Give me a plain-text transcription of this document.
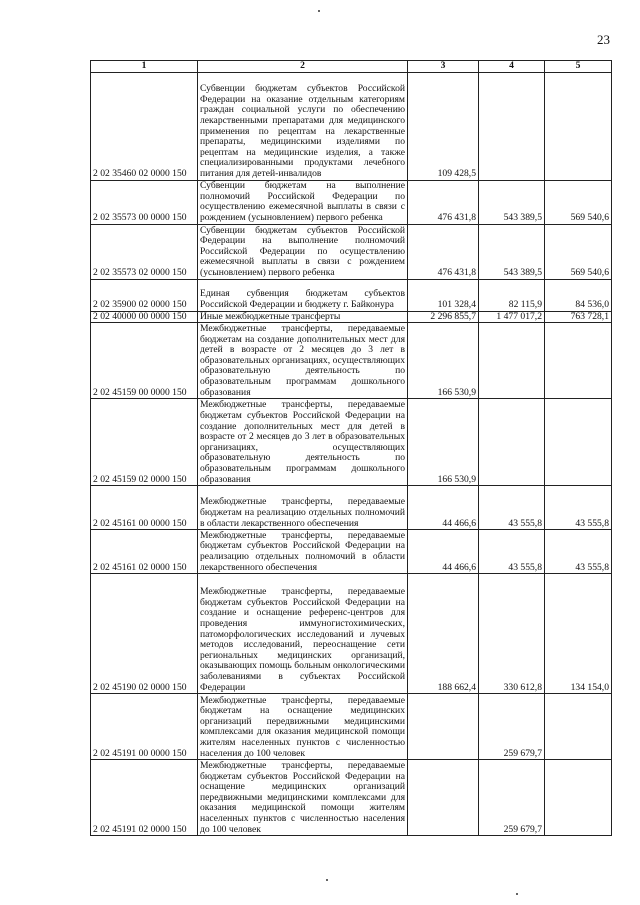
23
1	2	3	4	5
2 02 35460 02 0000 150	Субвенции бюджетам субъектов Российской Федерации на оказание отдельным категориям граждан социальной услуги по обеспечению лекарственными препаратами для медицинского применения по рецептам на лекарственные препараты, медицинскими изделиями по рецептам на медицинские изделия, а также специализированными продуктами лечебного питания для детей-инвалидов	109 428,5		
2 02 35573 00 0000 150	Субвенции бюджетам на выполнение полномочий Российской Федерации по осуществлению ежемесячной выплаты в связи с рождением (усыновлением) первого ребенка	476 431,8	543 389,5	569 540,6
2 02 35573 02 0000 150	Субвенции бюджетам субъектов Российской Федерации на выполнение полномочий Российской Федерации по осуществлению ежемесячной выплаты в связи с рождением (усыновлением) первого ребенка	476 431,8	543 389,5	569 540,6
2 02 35900 02 0000 150	Единая субвенция бюджетам субъектов Российской Федерации и бюджету г. Байконура	101 328,4	82 115,9	84 536,0
2 02 40000 00 0000 150	Иные межбюджетные трансферты	2 296 855,7	1 477 017,2	763 728,1
2 02 45159 00 0000 150	Межбюджетные трансферты, передаваемые бюджетам на создание дополнительных мест для детей в возрасте от 2 месяцев до 3 лет в образовательных организациях, осуществляющих образовательную деятельность по образовательным программам дошкольного образования	166 530,9		
2 02 45159 02 0000 150	Межбюджетные трансферты, передаваемые бюджетам субъектов Российской Федерации на создание дополнительных мест для детей в возрасте от 2 месяцев до 3 лет в образовательных организациях, осуществляющих образовательную деятельность по образовательным программам дошкольного образования	166 530,9		
2 02 45161 00 0000 150	Межбюджетные трансферты, передаваемые бюджетам на реализацию отдельных полномочий в области лекарственного обеспечения	44 466,6	43 555,8	43 555,8
2 02 45161 02 0000 150	Межбюджетные трансферты, передаваемые бюджетам субъектов Российской Федерации на реализацию отдельных полномочий в области лекарственного обеспечения	44 466,6	43 555,8	43 555,8
2 02 45190 02 0000 150	Межбюджетные трансферты, передаваемые бюджетам субъектов Российской Федерации на создание и оснащение референс-центров для проведения иммуногистохимических, патоморфологических исследований и лучевых методов исследований, переоснащение сети региональных медицинских организаций, оказывающих помощь больным онкологическими заболеваниями в субъектах Российской Федерации	188 662,4	330 612,8	134 154,0
2 02 45191 00 0000 150	Межбюджетные трансферты, передаваемые бюджетам на оснащение медицинских организаций передвижными медицинскими комплексами для оказания медицинской помощи жителям населенных пунктов с численностью населения до 100 человек		259 679,7	
2 02 45191 02 0000 150	Межбюджетные трансферты, передаваемые бюджетам субъектов Российской Федерации на оснащение медицинских организаций передвижными медицинскими комплексами для оказания медицинской помощи жителям населенных пунктов с численностью населения до 100 человек		259 679,7	
